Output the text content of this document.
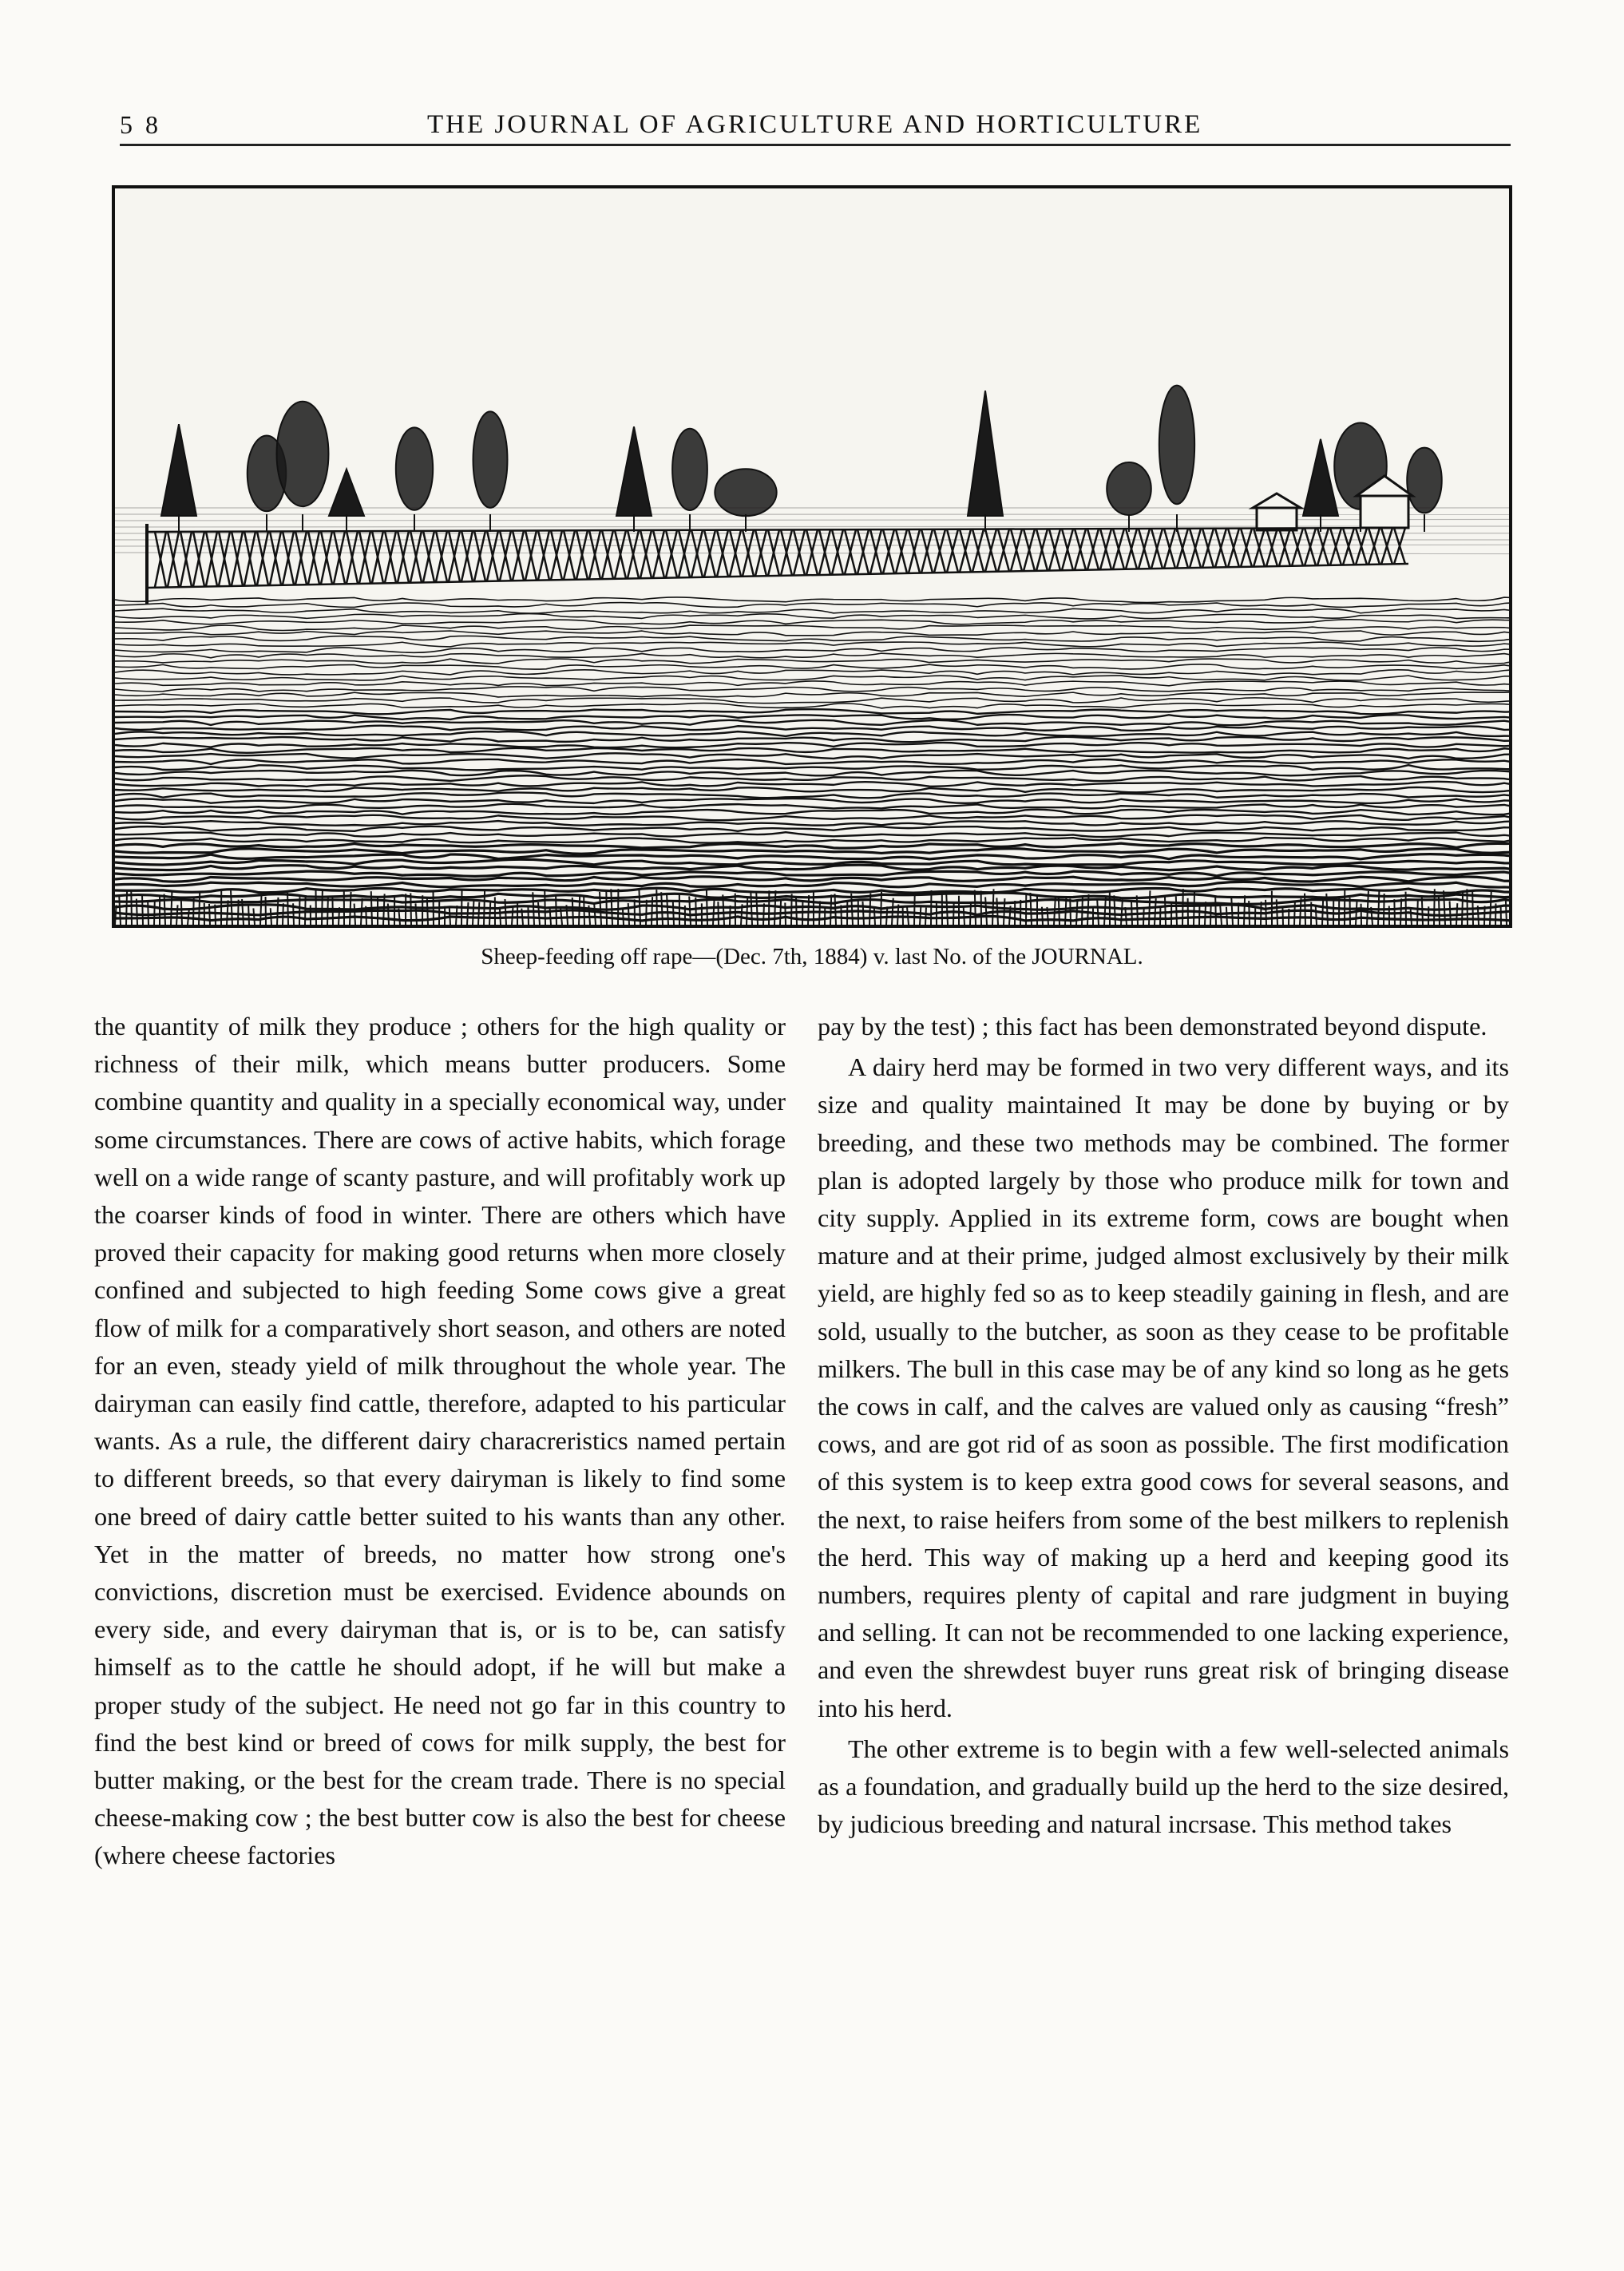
5 8	THE JOURNAL OF AGRICULTURE AND HORTICULTURE
Sheep-feeding off rape—(Dec. 7th, 1884) v. last No. of the JOURNAL.

the quantity of milk they produce ; others for the high quality or richness of their milk, which means butter producers. Some combine quantity and quality in a specially economical way, under some circumstances. There are cows of active habits, which forage well on a wide range of scanty pasture, and will profitably work up the coarser kinds of food in winter. There are others which have proved their capacity for making good returns when more closely confined and subjected to high feeding Some cows give a great flow of milk for a comparatively short season, and others are noted for an even, steady yield of milk throughout the whole year. The dairyman can easily find cattle, therefore, adapted to his particular wants. As a rule, the different dairy characreristics named pertain to different breeds, so that every dairyman is likely to find some one breed of dairy cattle better suited to his wants than any other. Yet in the matter of breeds, no matter how strong one's convictions, discretion must be exercised. Evidence abounds on every side, and every dairyman that is, or is to be, can satisfy himself as to the cattle he should adopt, if he will but make a proper study of the subject. He need not go far in this country to find the best kind or breed of cows for milk supply, the best for butter making, or the best for the cream trade. There is no special cheese-making cow ; the best butter cow is also the best for cheese (where cheese factories

pay by the test) ; this fact has been demonstrated beyond dispute.

A dairy herd may be formed in two very different ways, and its size and quality maintained It may be done by buying or by breeding, and these two methods may be combined. The former plan is adopted largely by those who produce milk for town and city supply. Applied in its extreme form, cows are bought when mature and at their prime, judged almost exclusively by their milk yield, are highly fed so as to keep steadily gaining in flesh, and are sold, usually to the butcher, as soon as they cease to be profitable milkers. The bull in this case may be of any kind so long as he gets the cows in calf, and the calves are valued only as causing “fresh” cows, and are got rid of as soon as possible. The first modification of this system is to keep extra good cows for several seasons, and the next, to raise heifers from some of the best milkers to replenish the herd. This way of making up a herd and keeping good its numbers, requires plenty of capital and rare judgment in buying and selling. It can not be recommended to one lacking experience, and even the shrewdest buyer runs great risk of bringing disease into his herd.

The other extreme is to begin with a few well-selected animals as a foundation, and gradually build up the herd to the size desired, by judicious breeding and natural incrsase. This method takes
